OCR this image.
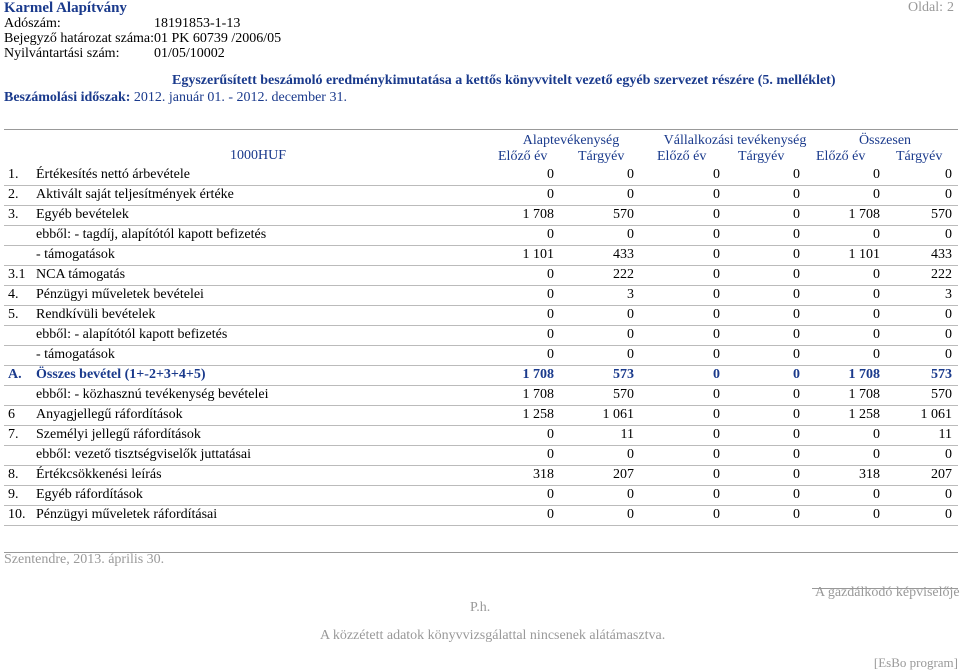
Karmel Alapítvány	Oldal: 2
Adószám:	18191853-1-13
Bejegyző határozat száma:01 PK 60739 /2006/05
Nyilvántartási szám: 01/05/10002
Egyszerűsített beszámoló eredménykimutatása a kettős könyvvitelt vezető egyéb szervezet részére (5. melléklet)
Beszámolási időszak: 2012. január 01. - 2012. december 31.
1000HUF
Alaptevékenység
Előző év Tárgyév
Vállalkozási tevékenység
Előző év Tárgyév
Összesen
Előző év Tárgyév
1. Értékesítés nettó árbevétele	0	0	0	0	0	0
2. Aktivált saját teljesítmények értéke	0	0	0	0	0	0
3. Egyéb bevételek	1 708	570	0	0	1 708	570
ebből: - tagdíj, alapítótól kapott befizetés	0	0	0	0	0	0
- támogatások	1 101	433	0	0	1 101	433
3.1 NCA támogatás	0	222	0	0	0	222
4. Pénzügyi műveletek bevételei	0	3	0	0	0	3
5. Rendkívüli bevételek	0	0	0	0	0	0
ebből: - alapítótól kapott befizetés	0	0	0	0	0	0
- támogatások	0	0	0	0	0	0
A. Összes bevétel (1+-2+3+4+5)	1 708	573	0	0	1 708	573
ebből: - közhasznú tevékenység bevételei	1 708	570	0	0	1 708	570
6 Anyagjellegű ráfordítások	1 258	1 061	0	0	1 258	1 061
7. Személyi jellegű ráfordítások	0	11	0	0	0	11
ebből: vezető tisztségviselők juttatásai	0	0	0	0	0	0
8. Értékcsökkenési leírás	318	207	0	0	318	207
9. Egyéb ráfordítások	0	0	0	0	0	0
10. Pénzügyi műveletek ráfordításai	0	0	0	0	0	0
Szentendre, 2013. április 30.
P.h.
A gazdálkodó képviselője
A közzétett adatok könyvvizsgálattal nincsenek alátámasztva.
[EsBo program]
